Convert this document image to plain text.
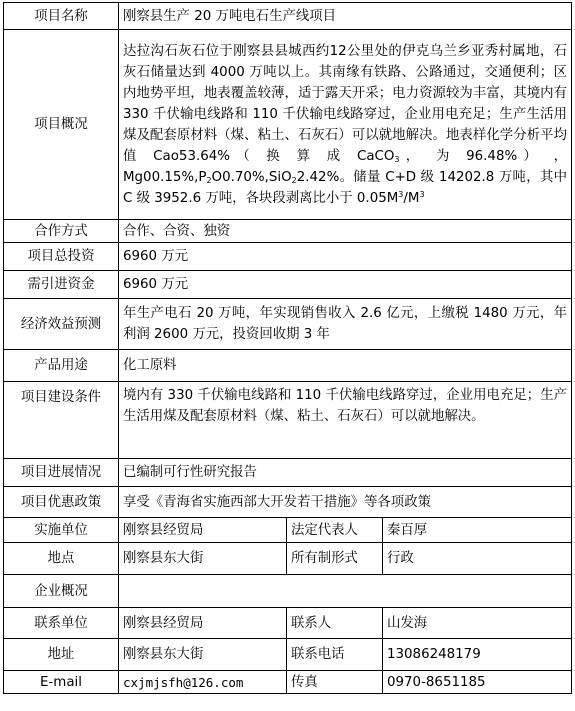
项目名称	刚察县生产 20 万吨电石生产线项目		
项目概况	达拉沟石灰石位于刚察县县城西约12公里处的伊克乌兰乡亚秀村属地，石灰石储量达到 4000 万吨以上。其南缘有铁路、公路通过，交通便利；区内地势平坦，地表覆盖较薄，适于露天开采；电力资源较为丰富，其境内有 330 千伏输电线路和 110 千伏输电线路穿过，企业用电充足；生产生活用煤及配套原材料（煤、粘土、石灰石）可以就地解决。地表样化学分析平均值 Cao53.64%（ 换 算 成 CaCO$_3$， 为 96.48%） ，$Mg00.15\%,P_2O0.70\%,SiO_22.42\%$。储量 C+D 级 14202.8 万吨，其中 C 级 3952.6 万吨，各块段剥离比小于 $0.05M^3/M^3$
合作方式	合作、合资、独资		
项目总投资	6960 万元		
需引进资金	6960 万元		
经济效益预测	年生产电石 20 万吨，年实现销售收入 2.6 亿元，上缴税 1480 万元，年利润 2600 万元，投资回收期 3 年		
产品用途	化工原料		
项目建设条件	境内有 330 千伏输电线路和 110 千伏输电线路穿过，企业用电充足；生产生活用煤及配套原材料（煤、粘土、石灰石）可以就地解决。		
项目进展情况	已编制可行性研究报告		
项目优惠政策	享受《青海省实施西部大开发若干措施》等各项政策		
实施单位	刚察县经贸局	法定代表人	秦百厚
地点	刚察县东大街	所有制形式	行政
企业概况			
联系单位	刚察县经贸局	联系人	山发海
地址	刚察县东大街	联系电话	13086248179
E-mail	cxjmjsfh@126.com	传真	0970-8651185
